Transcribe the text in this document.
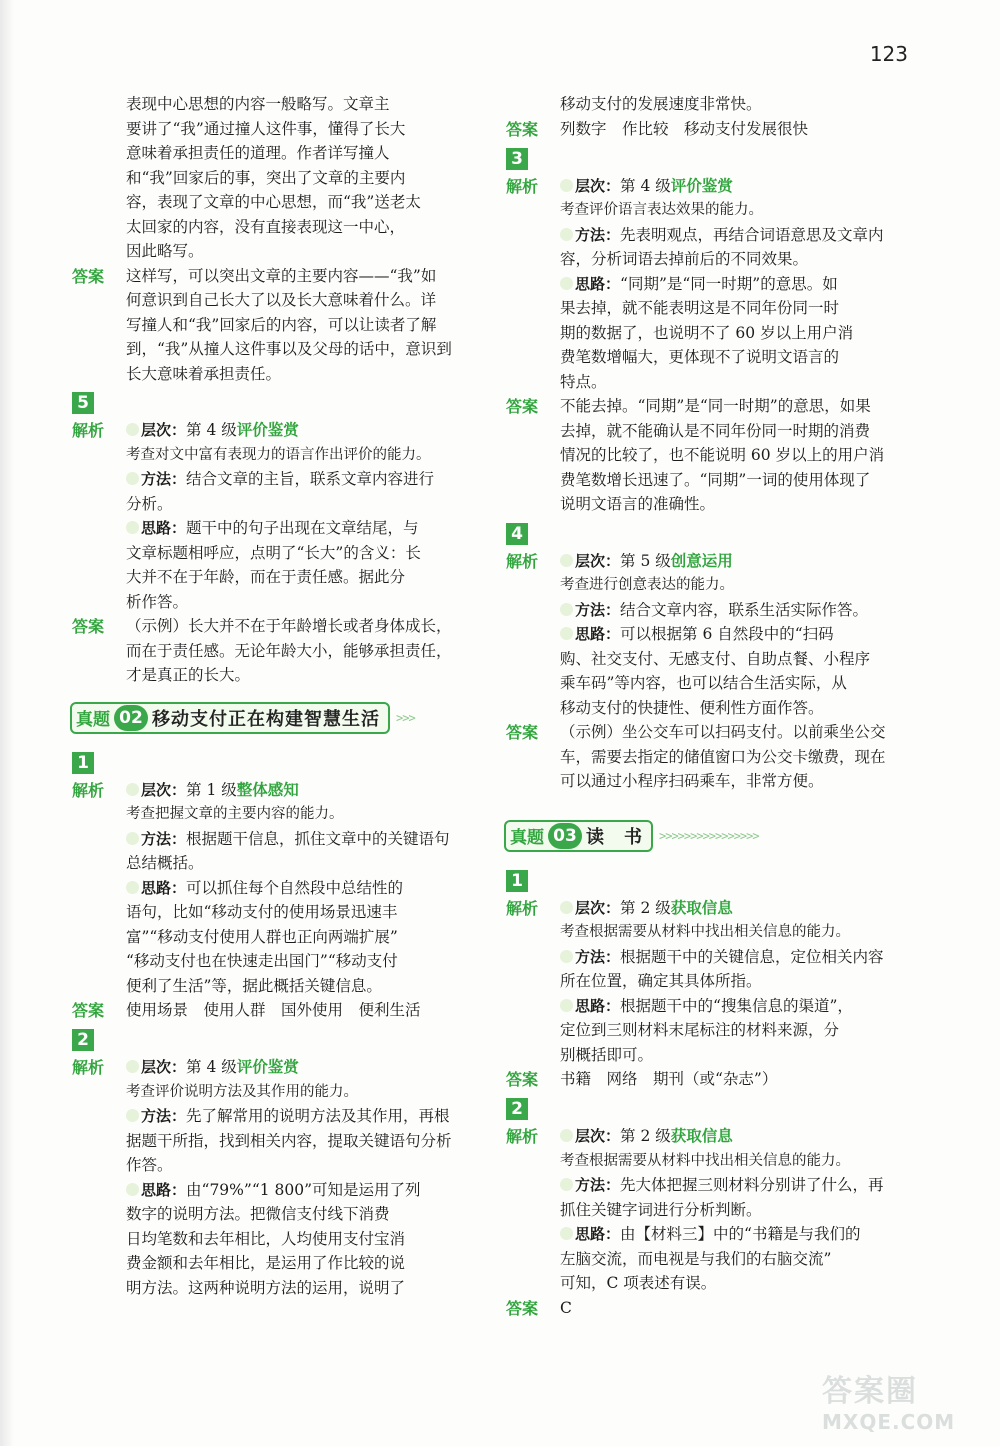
123

表现中心思想的内容一般略写。文章主

要讲了“我”通过撞人这件事，懂得了长大

意味着承担责任的道理。作者详写撞人

和“我”回家后的事，突出了文章的主要内

容，表现了文章的中心思想，而“我”送老太

太回家的内容，没有直接表现这一中心，

因此略写。

答案	这样写，可以突出文章的主要内容——“我”如

何意识到自己长大了以及长大意味着什么。详

写撞人和“我”回家后的内容，可以让读者了解

到，“我”从撞人这件事以及父母的话中，意识到

长大意味着承担责任。

5
解析	层次：第 4 级评价鉴赏

考查对文中富有表现力的语言作出评价的能力。

方法：结合文章的主旨，联系文章内容进行

分析。

思路：题干中的句子出现在文章结尾，与

文章标题相呼应，点明了“长大”的含义：长

大并不在于年龄，而在于责任感。据此分

析作答。

答案	（示例）长大并不在于年龄增长或者身体成长，

而在于责任感。无论年龄大小，能够承担责任，

才是真正的长大。

真题 02 移动支付正在构建智慧生活 >>>
1
解析	层次：第 1 级整体感知

考查把握文章的主要内容的能力。

方法：根据题干信息，抓住文章中的关键语句

总结概括。

思路：可以抓住每个自然段中总结性的

语句，比如“移动支付的使用场景迅速丰

富”“移动支付使用人群也正向两端扩展”

“移动支付也在快速走出国门”“移动支付

便利了生活”等，据此概括关键信息。

答案	使用场景　使用人群　国外使用　便利生活
2
解析	层次：第 4 级评价鉴赏

考查评价说明方法及其作用的能力。

方法：先了解常用的说明方法及其作用，再根

据题干所指，找到相关内容，提取关键语句分析

作答。

思路：由“79%”“1 800”可知是运用了列

数字的说明方法。把微信支付线下消费

日均笔数和去年相比，人均使用支付宝消

费金额和去年相比，是运用了作比较的说

明方法。这两种说明方法的运用，说明了

移动支付的发展速度非常快。

答案	列数字　作比较　移动支付发展很快
3
解析	层次：第 4 级评价鉴赏

考查评价语言表达效果的能力。

方法：先表明观点，再结合词语意思及文章内

容，分析词语去掉前后的不同效果。

思路：“同期”是“同一时期”的意思。如

果去掉，就不能表明这是不同年份同一时

期的数据了，也说明不了 60 岁以上用户消

费笔数增幅大，更体现不了说明文语言的

特点。

答案	不能去掉。“同期”是“同一时期”的意思，如果

去掉，就不能确认是不同年份同一时期的消费

情况的比较了，也不能说明 60 岁以上的用户消

费笔数增长迅速了。“同期”一词的使用体现了

说明文语言的准确性。

4
解析	层次：第 5 级创意运用

考查进行创意表达的能力。

方法：结合文章内容，联系生活实际作答。

思路：可以根据第 6 自然段中的“扫码

购、社交支付、无感支付、自助点餐、小程序

乘车码”等内容，也可以结合生活实际，从

移动支付的快捷性、便利性方面作答。

答案	（示例）坐公交车可以扫码支付。以前乘坐公交

车，需要去指定的储值窗口为公交卡缴费，现在

可以通过小程序扫码乘车，非常方便。

真题 03 读　书 >>>>>>>>>>>>>>>>
1
解析	层次：第 2 级获取信息

考查根据需要从材料中找出相关信息的能力。

方法：根据题干中的关键信息，定位相关内容

所在位置，确定其具体所指。

思路：根据题干中的“搜集信息的渠道”，

定位到三则材料末尾标注的材料来源，分

别概括即可。

答案	书籍　网络　期刊（或“杂志”）
2
解析	层次：第 2 级获取信息

考查根据需要从材料中找出相关信息的能力。

方法：先大体把握三则材料分别讲了什么，再

抓住关键字词进行分析判断。

思路：由【材料三】中的“书籍是与我们的

左脑交流，而电视是与我们的右脑交流”

可知，C 项表述有误。

答案	C
答案圈
MXQE.COM
